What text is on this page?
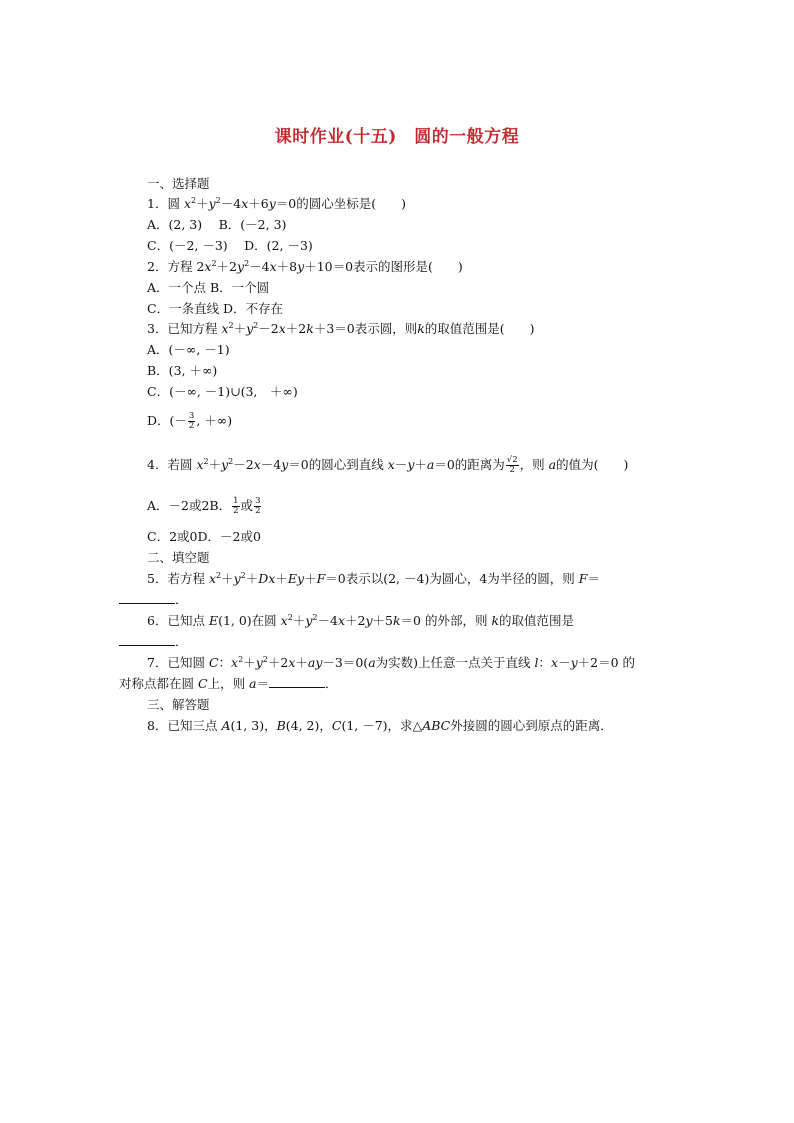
课时作业(十五)　圆的一般方程
一、选择题
1．圆 $x^2+y^2-4x+6y=0$的圆心坐标是(　　)
A．(2, 3)　 B．(－2, 3)
C．(－2, －3)　 D．(2, －3)
2．方程 $2x^2+2y^2-4x+8y+10=0$表示的图形是(　　)
A．一个点 B．一个圆
C．一条直线 D．不存在
3．已知方程 $x^2+y^2-2x+2k+3=0$表示圆，则k的取值范围是(　　)
A．(－∞, －1)
B．(3, ＋∞)
C．(－∞, －1)∪(3,　＋∞)
D．(－ $\frac{3}{2}$ , ＋∞)
4．若圆 $x^2+y^2-2x-4y=0$的圆心到直线 x－y＋a＝0的距离为 $\frac{√2}{2}$ ，则 a的值为(　　)
A．－2或2B． $\frac{1}{2}$ 或 $\frac{3}{2}$
C．2或0D．－2或0
二、填空题
5．若方程 $x^2+y^2+Dx+Ey+F=0$表示以(2, －4)为圆心，4为半径的圆，则 F＝
．
6．已知点 E(1, 0)在圆 $x^2+y^2-4x+2y+5k=0$ 的外部，则 k的取值范围是
．
7．已知圆 C：$x^2+y^2+2x+ay-3=0(a$为实数)上任意一点关于直线 l：x－y＋2＝0 的
对称点都在圆 C上，则 a＝	．
三、解答题
8．已知三点 A(1, 3)，B(4, 2)，C(1, －7)，求△ABC外接圆的圆心到原点的距离．
